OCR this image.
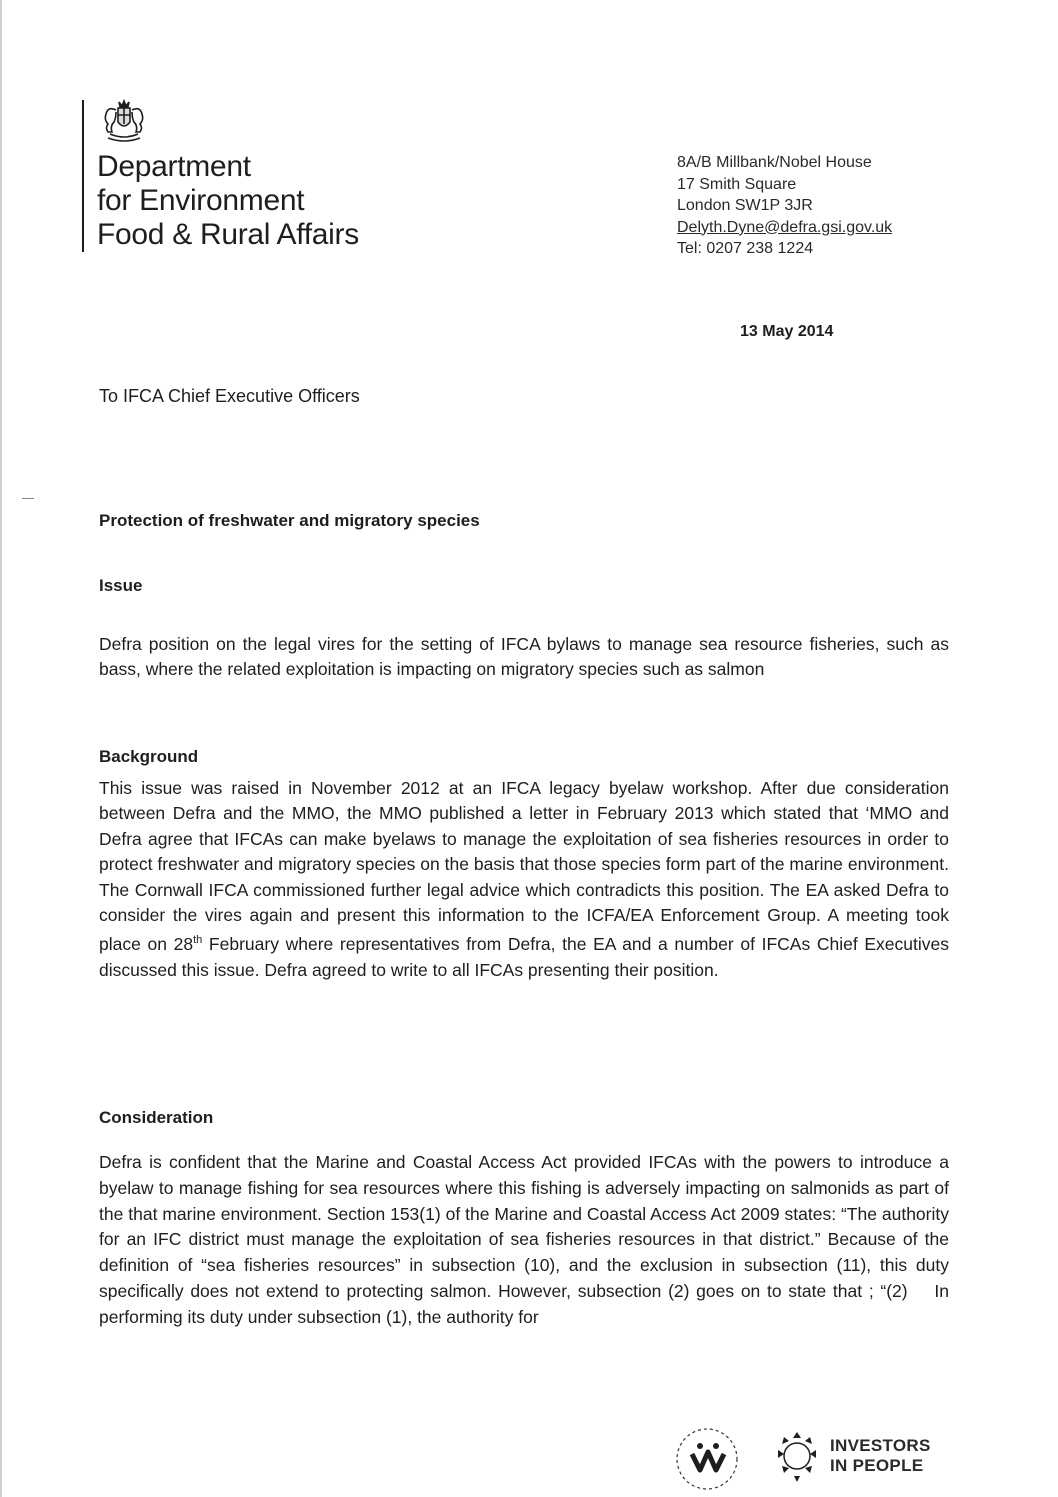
Department
for Environment
Food & Rural Affairs
8A/B Millbank/Nobel House
17 Smith Square
London SW1P 3JR
Delyth.Dyne@defra.gsi.gov.uk
Tel: 0207 238 1224
13 May 2014
To IFCA Chief Executive Officers
Protection of freshwater and migratory species
Issue

Defra position on the legal vires for the setting of IFCA bylaws to manage sea resource fisheries, such as bass, where the related exploitation is impacting on migratory species such as salmon

Background

This issue was raised in November 2012 at an IFCA legacy byelaw workshop. After due consideration between Defra and the MMO, the MMO published a letter in February 2013 which stated that ‘MMO and Defra agree that IFCAs can make byelaws to manage the exploitation of sea fisheries resources in order to protect freshwater and migratory species on the basis that those species form part of the marine environment. The Cornwall IFCA commissioned further legal advice which contradicts this position. The EA asked Defra to consider the vires again and present this information to the ICFA/EA Enforcement Group. A meeting took place on 28th February where representatives from Defra, the EA and a number of IFCAs Chief Executives discussed this issue. Defra agreed to write to all IFCAs presenting their position.

Consideration

Defra is confident that the Marine and Coastal Access Act provided IFCAs with the powers to introduce a byelaw to manage fishing for sea resources where this fishing is adversely impacting on salmonids as part of the that marine environment. Section 153(1) of the Marine and Coastal Access Act 2009 states: “The authority for an IFC district must manage the exploitation of sea fisheries resources in that district.” Because of the definition of “sea fisheries resources” in subsection (10), and the exclusion in subsection (11), this duty specifically does not extend to protecting salmon. However, subsection (2) goes on to state that ; “(2)    In performing its duty under subsection (1), the authority for

INVESTORS
IN PEOPLE
